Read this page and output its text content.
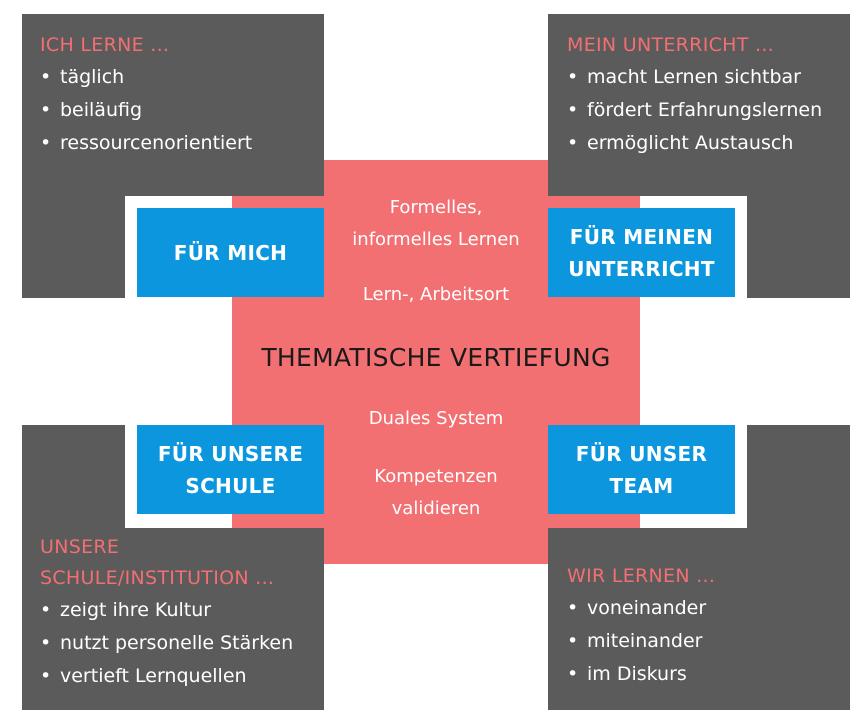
FÜR MICH
FÜR MEINEN
UNTERRICHT
FÜR UNSERE
SCHULE
FÜR UNSER
TEAM
Formelles,
informelles Lernen
Lern-, Arbeitsort
THEMATISCHE VERTIEFUNG
Duales System
Kompetenzen
validieren
ICH LERNE ...
• täglich
• beiläufig
• ressourcenorientiert
MEIN UNTERRICHT ...
• macht Lernen sichtbar
• fördert Erfahrungslernen
• ermöglicht Austausch
UNSERE
SCHULE/INSTITUTION ...
• zeigt ihre Kultur
• nutzt personelle Stärken
• vertieft Lernquellen
WIR LERNEN ...
• voneinander
• miteinander
• im Diskurs
